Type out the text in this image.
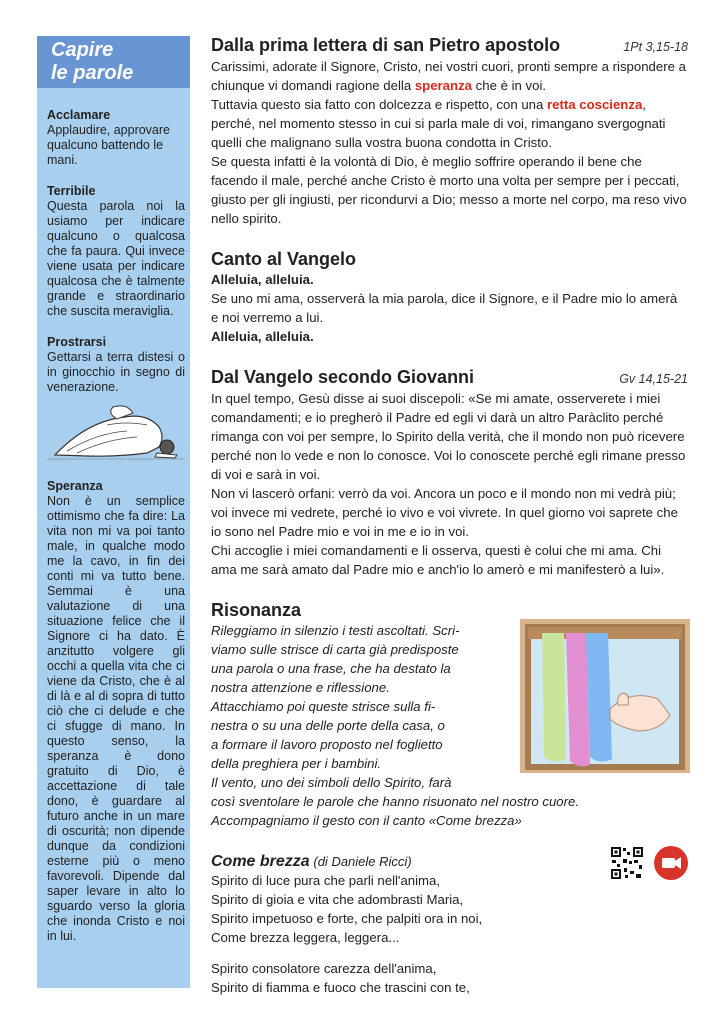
Capire
le parole

Acclamare

Applaudire, approvare qualcuno battendo le mani.

Terribile

Questa parola noi la usiamo per indicare qualcuno o qualcosa che fa paura. Qui invece viene usata per indicare qualcosa che è talmente grande e straordinario che suscita meraviglia.

Prostrarsi

Gettarsi a terra distesi o in ginocchio in segno di venerazione.

Speranza

Non è un semplice ottimismo che fa dire: La vita non mi va poi tanto male, in qualche modo me la cavo, in fin dei conti mi va tutto bene. Semmai è una valutazione di una situazione felice che il Signore ci ha dato. È anzitutto volgere gli occhi a quella vita che ci viene da Cristo, che è al di là e al di sopra di tutto ciò che ci delude e che ci sfugge di mano. In questo senso, la speranza è dono gratuito di Dio, è accettazione di tale dono, è guardare al futuro anche in un mare di oscurità; non dipende dunque da condizioni esterne più o meno favorevoli. Dipende dal saper levare in alto lo sguardo verso la gloria che inonda Cristo e noi in lui.

Dalla prima lettera di san Pietro apostolo	1Pt 3,15-18

Carissimi, adorate il Signore, Cristo, nei vostri cuori, pronti sempre a rispondere a chiunque vi domandi ragione della speranza che è in voi.

Tuttavia questo sia fatto con dolcezza e rispetto, con una retta coscienza, perché, nel momento stesso in cui si parla male di voi, rimangano svergognati quelli che malignano sulla vostra buona condotta in Cristo.

Se questa infatti è la volontà di Dio, è meglio soffrire operando il bene che facendo il male, perché anche Cristo è morto una volta per sempre per i peccati, giusto per gli ingiusti, per ricondurvi a Dio; messo a morte nel corpo, ma reso vivo nello spirito.

Canto al Vangelo

Alleluia, alleluia.

Se uno mi ama, osserverà la mia parola, dice il Signore, e il Padre mio lo amerà e noi verremo a lui.

Alleluia, alleluia.

Dal Vangelo secondo Giovanni	Gv 14,15-21

In quel tempo, Gesù disse ai suoi discepoli: «Se mi amate, osserverete i miei comandamenti; e io pregherò il Padre ed egli vi darà un altro Paràclito perché rimanga con voi per sempre, lo Spirito della verità, che il mondo non può ricevere perché non lo vede e non lo conosce. Voi lo conoscete perché egli rimane presso di voi e sarà in voi.

Non vi lascerò orfani: verrò da voi. Ancora un poco e il mondo non mi vedrà più; voi invece mi vedrete, perché io vivo e voi vivrete. In quel giorno voi saprete che io sono nel Padre mio e voi in me e io in voi.

Chi accoglie i miei comandamenti e li osserva, questi è colui che mi ama. Chi ama me sarà amato dal Padre mio e anch'io lo amerò e mi manifesterò a lui».

Risonanza

Rileggiamo in silenzio i testi ascoltati. Scri-

viamo sulle strisce di carta già predisposte

una parola o una frase, che ha destato la

nostra attenzione e riflessione.

Attacchiamo poi queste strisce sulla fi-

nestra o su una delle porte della casa, o

a formare il lavoro proposto nel foglietto

della preghiera per i bambini.

Il vento, uno dei simboli dello Spirito, farà

così sventolare le parole che hanno risuonato nel nostro cuore.

Accompagniamo il gesto con il canto «Come brezza»

Come brezza (di Daniele Ricci)

Spirito di luce pura che parli nell'anima,

Spirito di gioia e vita che adombrasti Maria,

Spirito impetuoso e forte, che palpiti ora in noi,

Come brezza leggera, leggera...

Spirito consolatore carezza dell'anima,

Spirito di fiamma e fuoco che trascini con te,
